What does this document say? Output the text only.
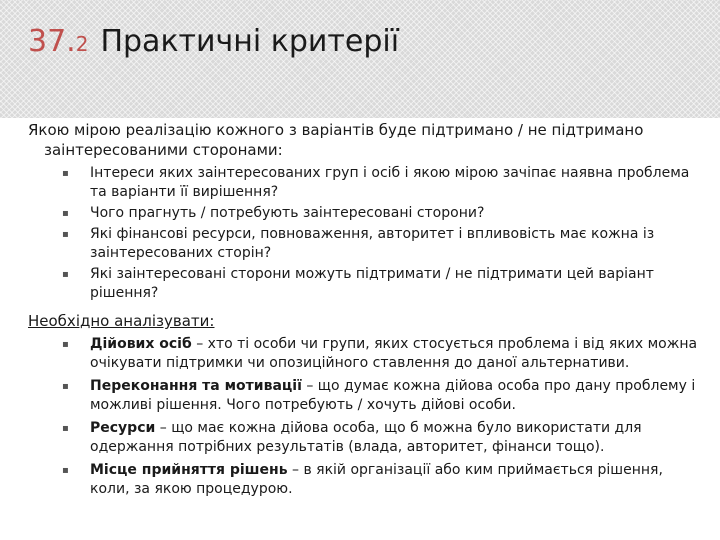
37.2 Практичні критерії

Якою мірою реалізацію кожного з варіантів буде підтримано / не підтримано заінтересованими сторонами:

▪ Інтереси яких заінтересованих груп і осіб і якою мірою зачіпає наявна проблема та варіанти її вирішення?
▪ Чого прагнуть / потребують заінтересовані сторони?
▪ Які фінансові ресурси, повноваження, авторитет і впливовість має кожна із заінтересованих сторін?
▪ Які заінтересовані сторони можуть підтримати / не підтримати цей варіант рішення?
Необхідно аналізувати:
▪ Дійових осіб – хто ті особи чи групи, яких стосується проблема і від яких можна очікувати підтримки чи опозиційного ставлення до даної альтернативи.
▪ Переконання та мотивації – що думає кожна дійова особа про дану проблему і можливі рішення. Чого потребують / хочуть дійові особи.
▪ Ресурси – що має кожна дійова особа, що б можна було використати для одержання потрібних результатів (влада, авторитет, фінанси тощо).
▪ Місце прийняття рішень – в якій організації або ким приймається рішення, коли, за якою процедурою.
